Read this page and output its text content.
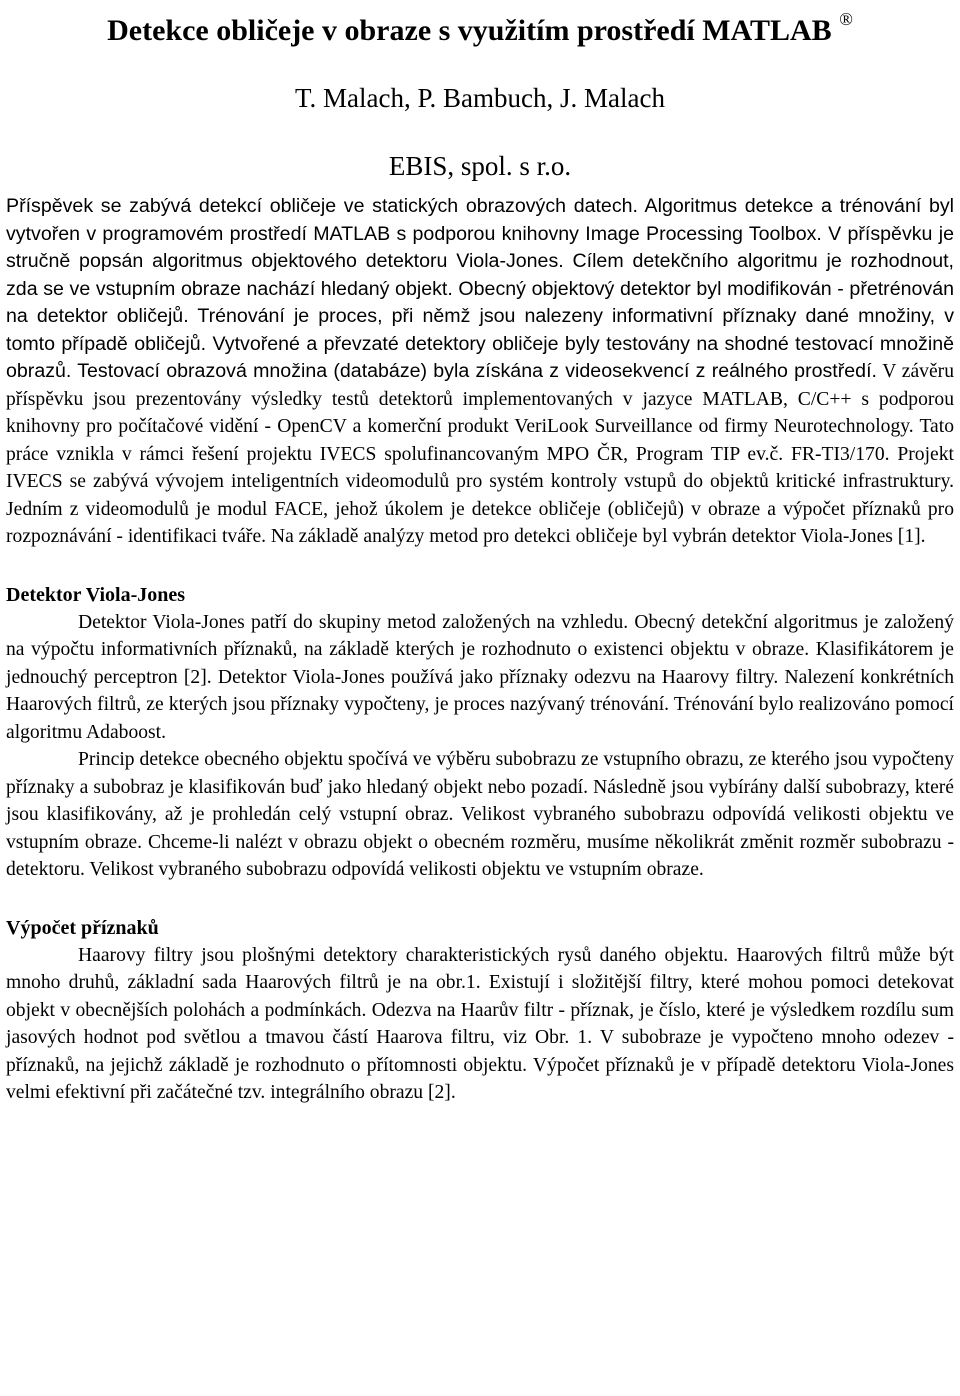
Detekce obličeje v obraze s využitím prostředí MATLAB ®
T. Malach, P. Bambuch, J. Malach
EBIS, spol. s r.o.

Příspěvek se zabývá detekcí obličeje ve statických obrazových datech. Algoritmus detekce a trénování byl vytvořen v programovém prostředí MATLAB s podporou knihovny Image Processing Toolbox. V příspěvku je stručně popsán algoritmus objektového detektoru Viola-Jones. Cílem detekčního algoritmu je rozhodnout, zda se ve vstupním obraze nachází hledaný objekt. Obecný objektový detektor byl modifikován - přetrénován na detektor obličejů. Trénování je proces, při němž jsou nalezeny informativní příznaky dané množiny, v tomto případě obličejů. Vytvořené a převzaté detektory obličeje byly testovány na shodné testovací množině obrazů. Testovací obrazová množina (databáze) byla získána z videosekvencí z reálného prostředí. V závěru příspěvku jsou prezentovány výsledky testů detektorů implementovaných v jazyce MATLAB, C/C++ s podporou knihovny pro počítačové vidění - OpenCV a komerční produkt VeriLook Surveillance od firmy Neurotechnology. Tato práce vznikla v rámci řešení projektu IVECS spolufinancovaným MPO ČR, Program TIP ev.č. FR-TI3/170. Projekt IVECS se zabývá vývojem inteligentních videomodulů pro systém kontroly vstupů do objektů kritické infrastruktury. Jedním z videomodulů je modul FACE, jehož úkolem je detekce obličeje (obličejů) v obraze a výpočet příznaků pro rozpoznávání - identifikaci tváře. Na základě analýzy metod pro detekci obličeje byl vybrán detektor Viola-Jones [1].

Detektor Viola-Jones

Detektor Viola-Jones patří do skupiny metod založených na vzhledu. Obecný detekční algoritmus je založený na výpočtu informativních příznaků, na základě kterých je rozhodnuto o existenci objektu v obraze. Klasifikátorem je jednouchý perceptron [2]. Detektor Viola-Jones používá jako příznaky odezvu na Haarovy filtry. Nalezení konkrétních Haarových filtrů, ze kterých jsou příznaky vypočteny, je proces nazývaný trénování. Trénování bylo realizováno pomocí algoritmu Adaboost.

Princip detekce obecného objektu spočívá ve výběru subobrazu ze vstupního obrazu, ze kterého jsou vypočteny příznaky a subobraz je klasifikován buď jako hledaný objekt nebo pozadí. Následně jsou vybírány další subobrazy, které jsou klasifikovány, až je prohledán celý vstupní obraz. Velikost vybraného subobrazu odpovídá velikosti objektu ve vstupním obraze. Chceme-li nalézt v obrazu objekt o obecném rozměru, musíme několikrát změnit rozměr subobrazu - detektoru. Velikost vybraného subobrazu odpovídá velikosti objektu ve vstupním obraze.

Výpočet příznaků

Haarovy filtry jsou plošnými detektory charakteristických rysů daného objektu. Haarových filtrů může být mnoho druhů, základní sada Haarových filtrů je na obr.1. Existují i složitější filtry, které mohou pomoci detekovat objekt v obecnějších polohách a podmínkách. Odezva na Haarův filtr - příznak, je číslo, které je výsledkem rozdílu sum jasových hodnot pod světlou a tmavou částí Haarova filtru, viz Obr. 1. V subobraze je vypočteno mnoho odezev - příznaků, na jejichž základě je rozhodnuto o přítomnosti objektu. Výpočet příznaků je v případě detektoru Viola-Jones velmi efektivní při začátečné tzv. integrálního obrazu [2].
